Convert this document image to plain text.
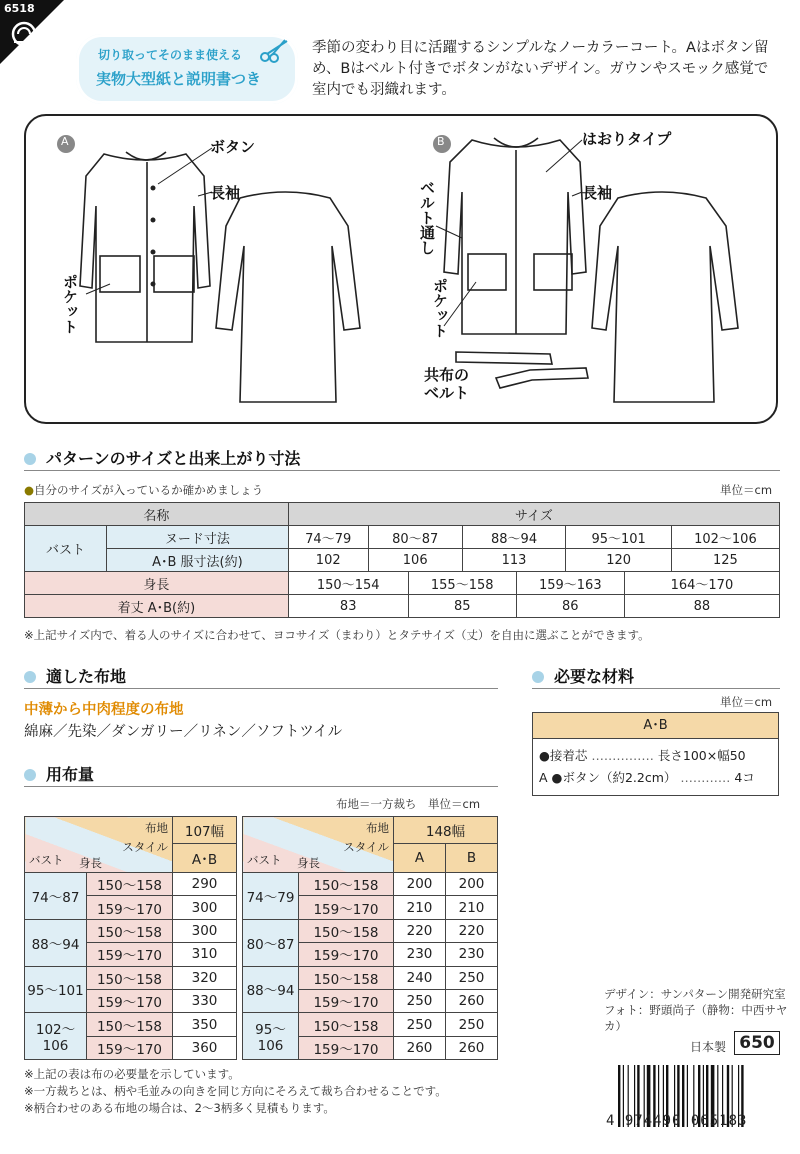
6518
切り取ってそのまま使える
実物大型紙と説明書つき
季節の変わり目に活躍するシンプルなノーカラーコート。Aはボタン留め、Bはベルト付きでボタンがないデザイン。ガウンやスモック感覚で室内でも羽織れます。
A	B
ボタン
長袖
ポケット
はおりタイプ
長袖
ベルト通し
ポケット
共布のベルト
パターンのサイズと出来上がり寸法
●自分のサイズが入っているか確かめましょう	単位＝cm
名称		サイズ							
バスト	ヌード寸法	74〜79	80〜87		88〜94		95〜101		102〜106
	A･B 服寸法(約)	102	106		113		120		125
身長		150〜154		155〜158		159〜163		164〜170	
着丈 A･B(約)		83		85		86		88	
※上記サイズ内で、着る人のサイズに合わせて、ヨコサイズ（まわり）とタテサイズ（丈）を自由に選ぶことができます。
適した布地
中薄から中肉程度の布地
綿麻／先染／ダンガリー／リネン／ソフトツイル
必要な材料
単位＝cm
A･B
●接着芯 …………… 長さ100×幅50
A ●ボタン（約2.2cm） ………… 4コ
用布量
布地＝一方裁ち　単位＝cm
布地
スタイル
バスト 身長		107幅
		A･B
74〜87	150〜158	290
	159〜170	300
88〜94	150〜158	300
	159〜170	310
95〜101	150〜158	320
	159〜170	330
102〜106	150〜158	350
	159〜170	360
布地
スタイル
バスト 身長		148幅	
		A	B
74〜79	150〜158	200	200
	159〜170	210	210
80〜87	150〜158	220	220
	159〜170	230	230
88〜94	150〜158	240	250
	159〜170	250	260
95〜106	150〜158	250	250
	159〜170	260	260
※上記の表は布の必要量を示しています。
※一方裁ちとは、柄や毛並みの向きを同じ方向にそろえて裁ち合わせることです。
※柄合わせのある布地の場合は、2〜3柄多く見積もります。
デザイン：サンパターン開発研究室
フォト：野頭尚子（静物：中西サヤカ）
日本製 650
4 974490 065183
